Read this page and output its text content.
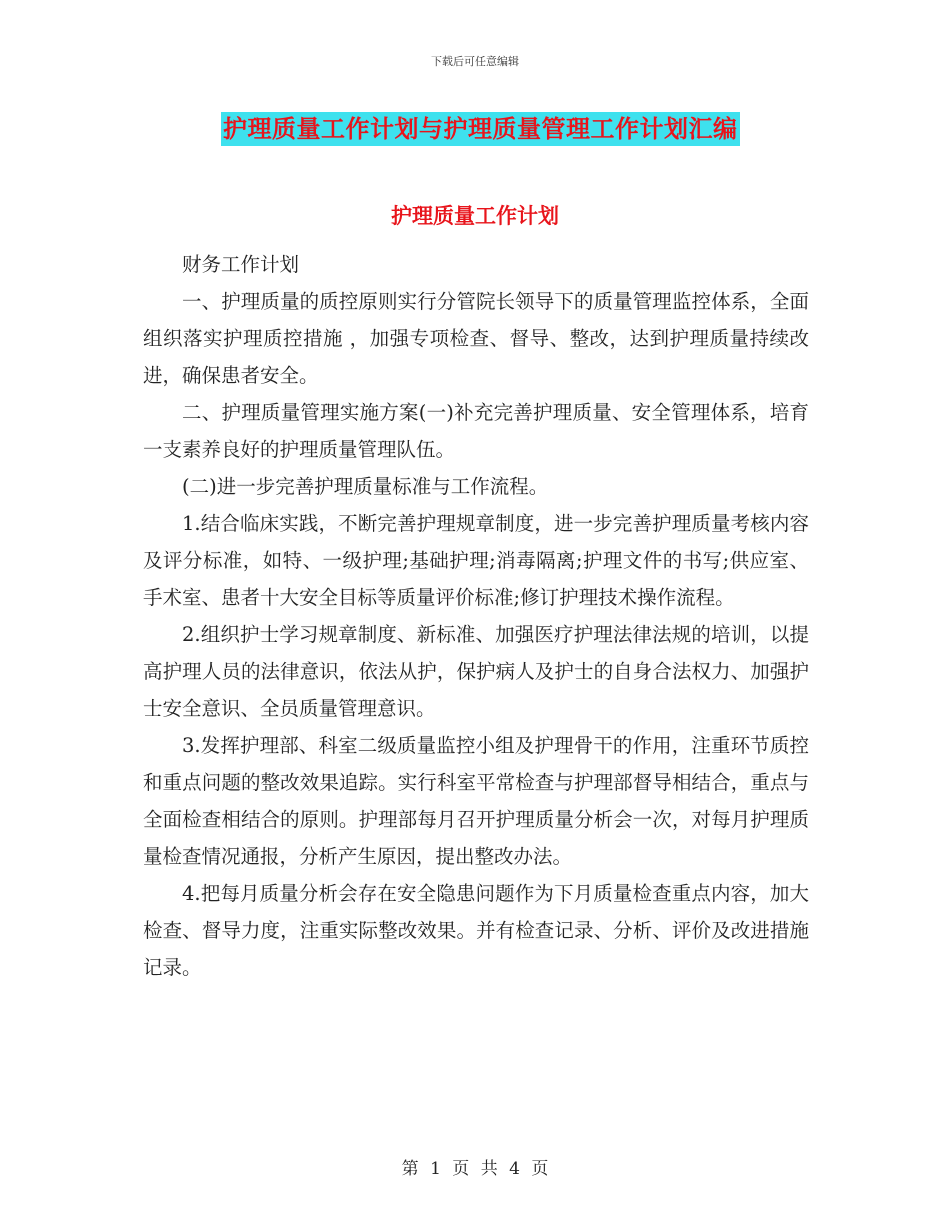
下载后可任意编辑
护理质量工作计划与护理质量管理工作计划汇编
护理质量工作计划

财务工作计划

一、护理质量的质控原则实行分管院长领导下的质量管理监控体系，全面组织落实护理质控措施 ，加强专项检查、督导、整改，达到护理质量持续改进，确保患者安全。

二、护理质量管理实施方案(一)补充完善护理质量、安全管理体系，培育一支素养良好的护理质量管理队伍。

(二)进一步完善护理质量标准与工作流程。

1.结合临床实践，不断完善护理规章制度，进一步完善护理质量考核内容及评分标准，如特、一级护理;基础护理;消毒隔离;护理文件的书写;供应室、手术室、患者十大安全目标等质量评价标准;修订护理技术操作流程。

2.组织护士学习规章制度、新标准、加强医疗护理法律法规的培训，以提高护理人员的法律意识，依法从护，保护病人及护士的自身合法权力、加强护士安全意识、全员质量管理意识。

3.发挥护理部、科室二级质量监控小组及护理骨干的作用，注重环节质控和重点问题的整改效果追踪。实行科室平常检查与护理部督导相结合，重点与全面检查相结合的原则。护理部每月召开护理质量分析会一次，对每月护理质量检查情况通报，分析产生原因，提出整改办法。

4.把每月质量分析会存在安全隐患问题作为下月质量检查重点内容，加大检查、督导力度，注重实际整改效果。并有检查记录、分析、评价及改进措施记录。

第 1 页 共 4 页
